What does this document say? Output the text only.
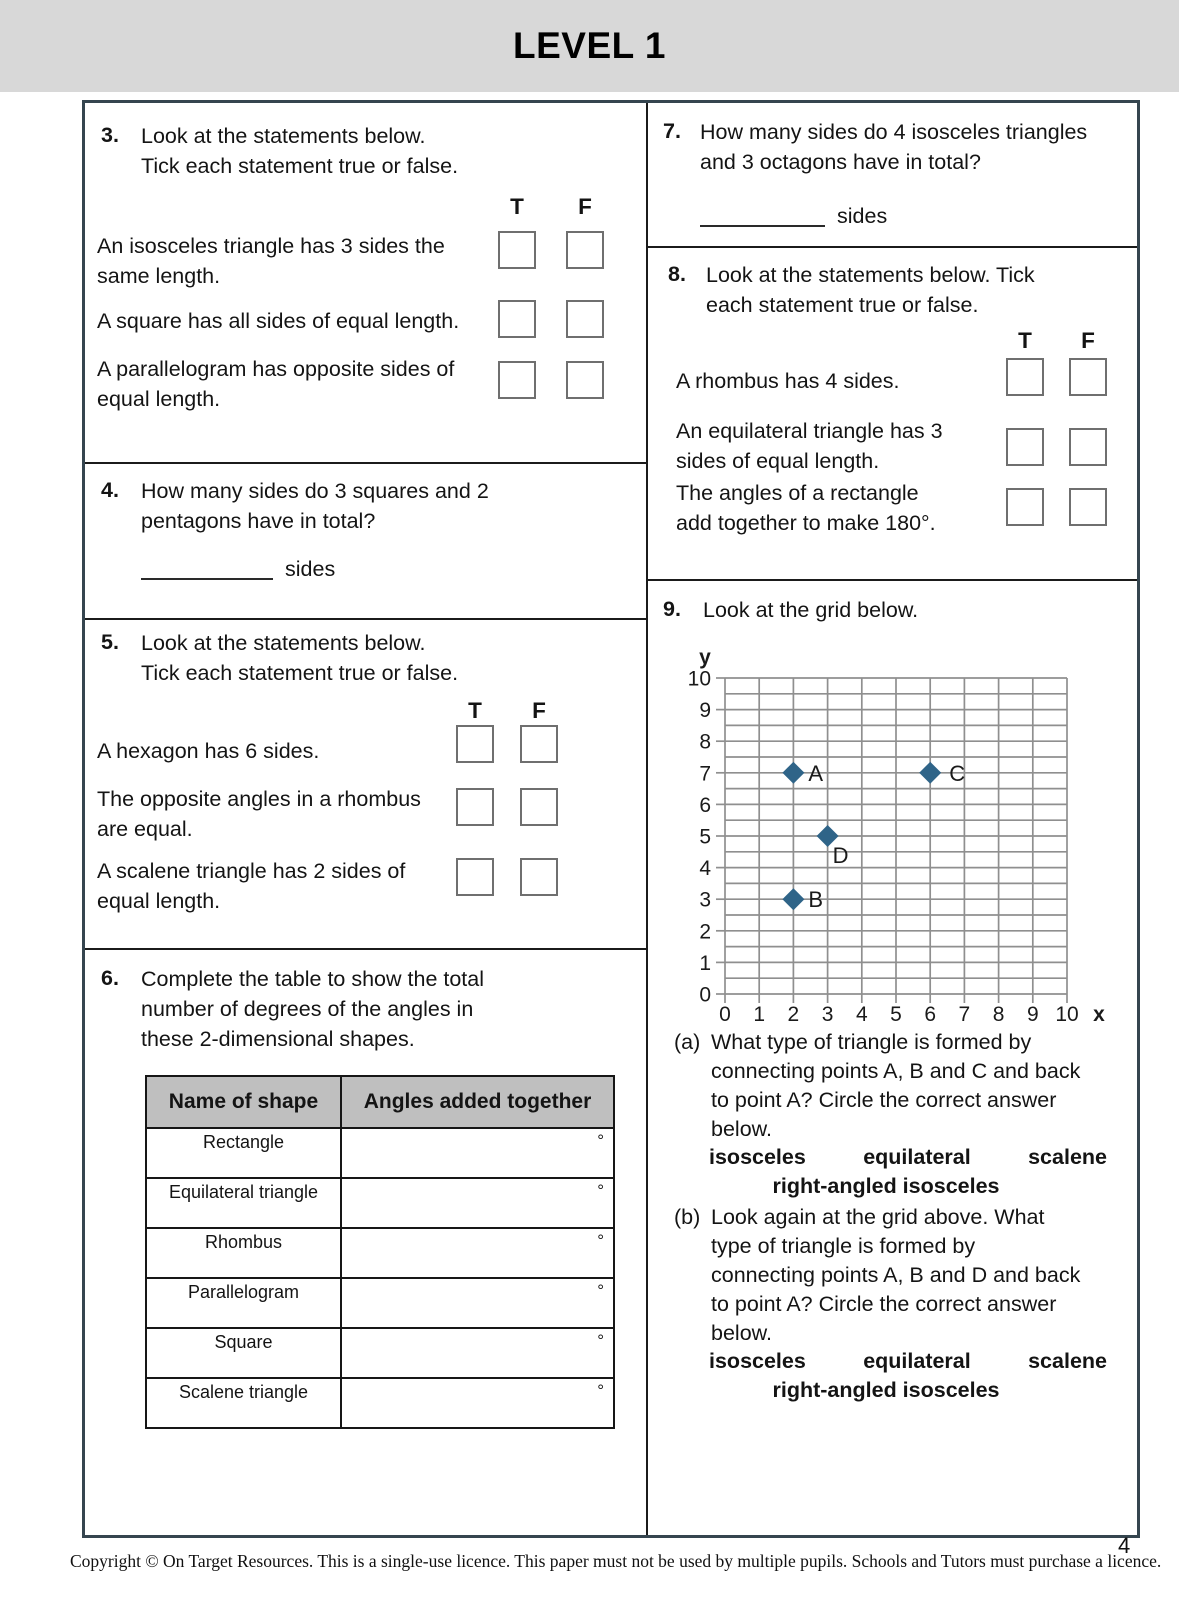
LEVEL 1
3. Look at the statements below.
Tick each statement true or false.
T	F
An isosceles triangle has 3 sides the
same length.
A square has all sides of equal length.
A parallelogram has opposite sides of
equal length.
4. How many sides do 3 squares and 2
pentagons have in total?
sides
5. Look at the statements below.
Tick each statement true or false.
T	F
A hexagon has 6 sides.
The opposite angles in a rhombus
are equal.
A scalene triangle has 2 sides of
equal length.
6. Complete the table to show the total
number of degrees of the angles in
these 2-dimensional shapes.
Name of shape	Angles added together
Rectangle	°
Equilateral triangle	°
Rhombus	°
Parallelogram	°
Square	°
Scalene triangle	°
7. How many sides do 4 isosceles triangles
and 3 octagons have in total?
sides
8. Look at the statements below. Tick
each statement true or false.
T	F
A rhombus has 4 sides.
An equilateral triangle has 3
sides of equal length.
The angles of a rectangle
add together to make 180°.
9. Look at the grid below.
0
1
2
3
4
5
6
7
8
9
10
0 1 2 3 4 5 6 7 8 9 10
y
x
A
B
C
D
(a) What type of triangle is formed by
connecting points A, B and C and back
to point A? Circle the correct answer
below.
isosceles	equilateral	scalene
right-angled isosceles
(b) Look again at the grid above. What
type of triangle is formed by
connecting points A, B and D and back
to point A? Circle the correct answer
below.
isosceles	equilateral	scalene
right-angled isosceles
Copyright © On Target Resources. This is a single-use licence. This paper must not be used by multiple pupils. Schools and Tutors must purchase a licence.
4
